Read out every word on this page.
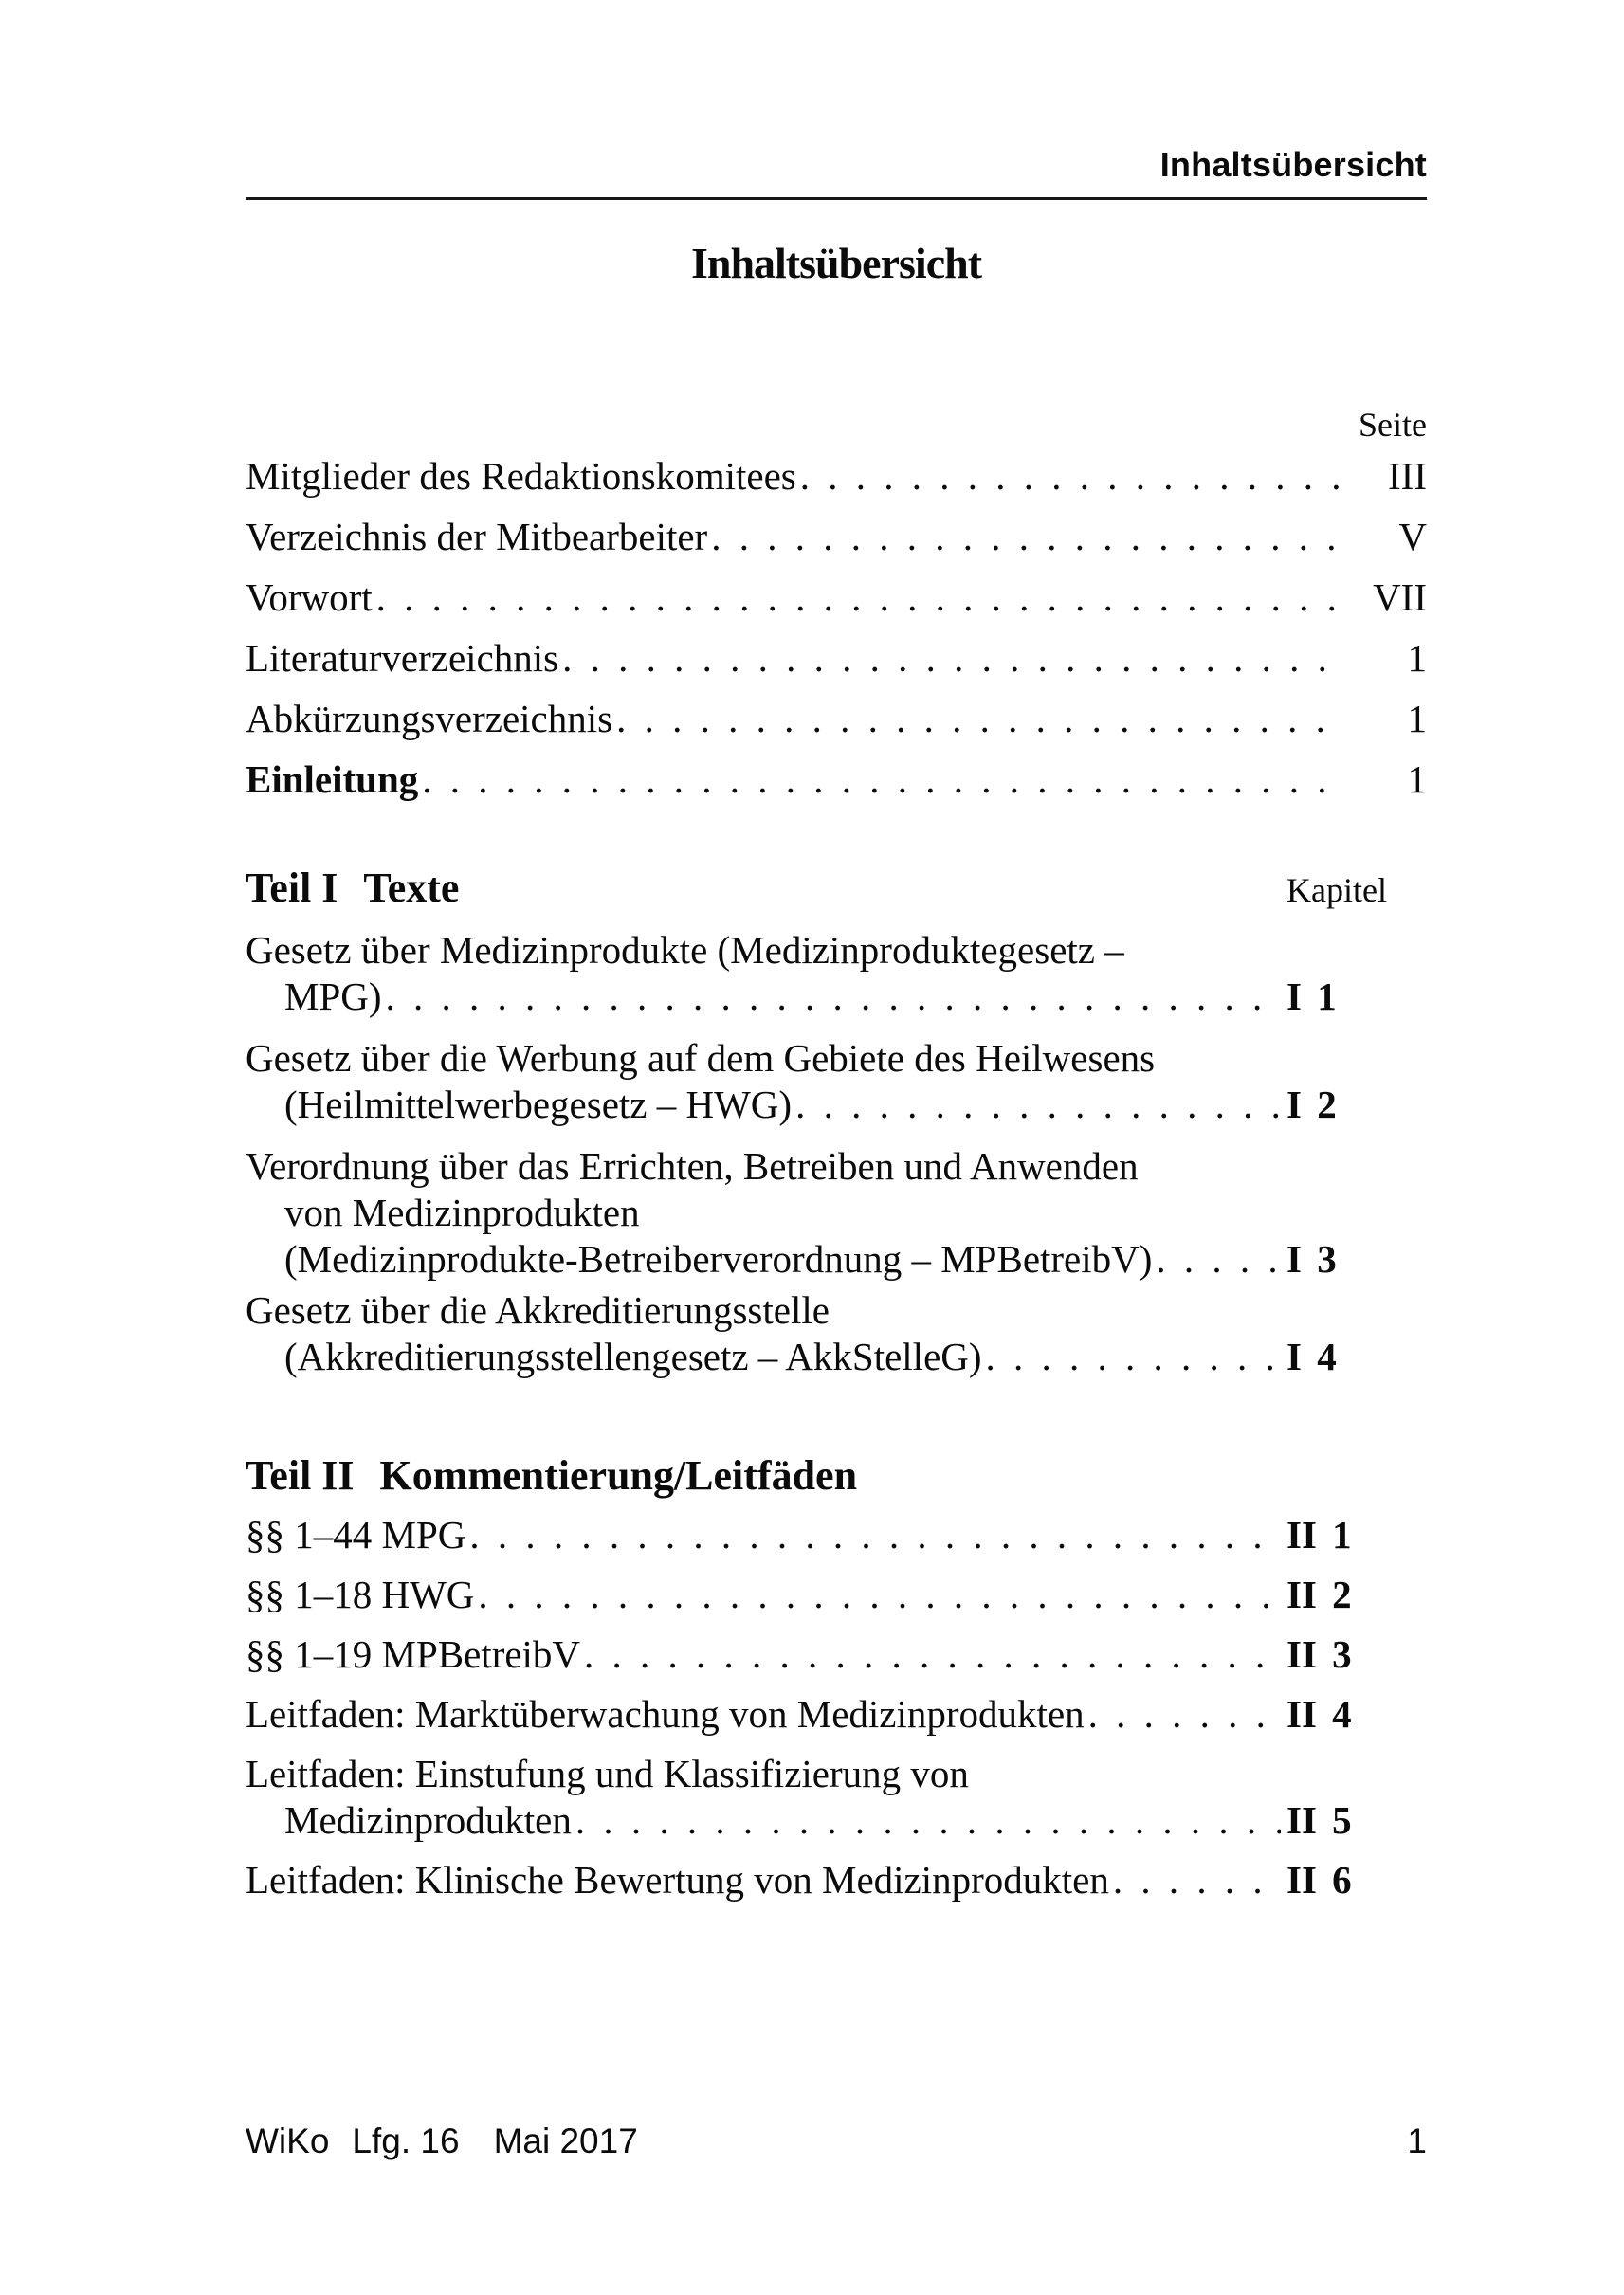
Inhaltsübersicht
Inhaltsübersicht
Seite
Mitglieder des Redaktionskomitees . . .	III
Verzeichnis der Mitbearbeiter . . .	V
Vorwort . . .	VII
Literaturverzeichnis . . .	1
Abkürzungsverzeichnis . . .	1
Einleitung . . .	1
Teil I Texte	Kapitel
Gesetz über Medizinprodukte (Medizinproduktegesetz –
MPG) . . .	I 1
Gesetz über die Werbung auf dem Gebiete des Heilwesens
(Heilmittelwerbegesetz – HWG) . . .	I 2
Verordnung über das Errichten, Betreiben und Anwenden
von Medizinprodukten
(Medizinprodukte-Betreiberverordnung – MPBetreibV) . . .	I 3
Gesetz über die Akkreditierungsstelle
(Akkreditierungsstellengesetz – AkkStelleG) . . .	I 4
Teil II Kommentierung/Leitfäden
§§ 1–44 MPG . . .	II 1
§§ 1–18 HWG . . .	II 2
§§ 1–19 MPBetreibV . . .	II 3
Leitfaden: Marktüberwachung von Medizinprodukten . . .	II 4
Leitfaden: Einstufung und Klassifizierung von
Medizinprodukten . . .	II 5
Leitfaden: Klinische Bewertung von Medizinprodukten . . .	II 6
WiKo Lfg. 16 Mai 2017	1
